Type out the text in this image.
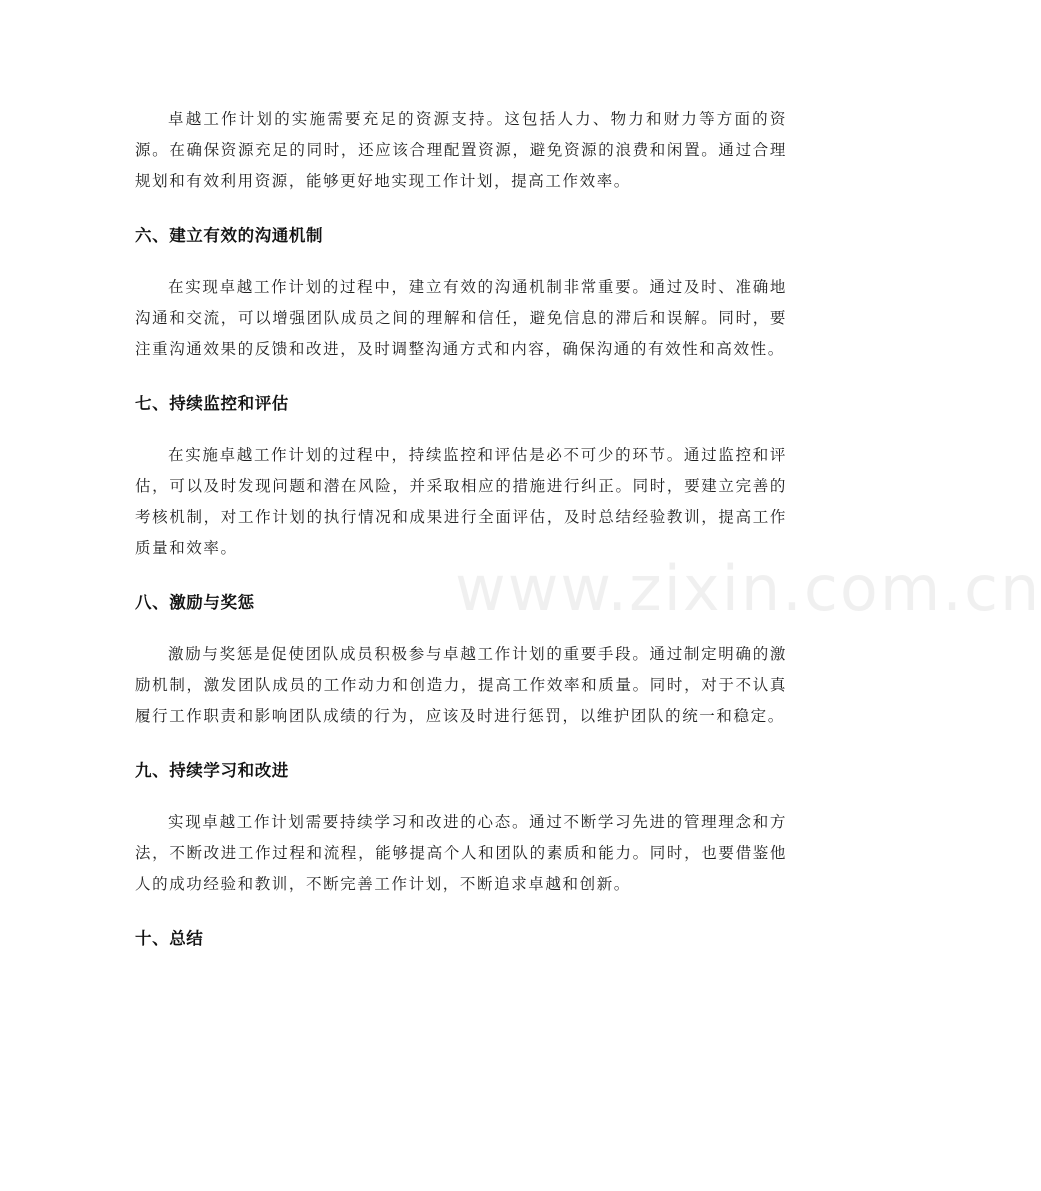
www.zixin.com.cn

卓越工作计划的实施需要充足的资源支持。这包括人力、物力和财力等方面的资源。在确保资源充足的同时，还应该合理配置资源，避免资源的浪费和闲置。通过合理规划和有效利用资源，能够更好地实现工作计划，提高工作效率。

六、建立有效的沟通机制

在实现卓越工作计划的过程中，建立有效的沟通机制非常重要。通过及时、准确地沟通和交流，可以增强团队成员之间的理解和信任，避免信息的滞后和误解。同时，要注重沟通效果的反馈和改进，及时调整沟通方式和内容，确保沟通的有效性和高效性。

七、持续监控和评估

在实施卓越工作计划的过程中，持续监控和评估是必不可少的环节。通过监控和评估，可以及时发现问题和潜在风险，并采取相应的措施进行纠正。同时，要建立完善的考核机制，对工作计划的执行情况和成果进行全面评估，及时总结经验教训，提高工作质量和效率。

八、激励与奖惩

激励与奖惩是促使团队成员积极参与卓越工作计划的重要手段。通过制定明确的激励机制，激发团队成员的工作动力和创造力，提高工作效率和质量。同时，对于不认真履行工作职责和影响团队成绩的行为，应该及时进行惩罚，以维护团队的统一和稳定。

九、持续学习和改进

实现卓越工作计划需要持续学习和改进的心态。通过不断学习先进的管理理念和方法，不断改进工作过程和流程，能够提高个人和团队的素质和能力。同时，也要借鉴他人的成功经验和教训，不断完善工作计划，不断追求卓越和创新。

十、总结
